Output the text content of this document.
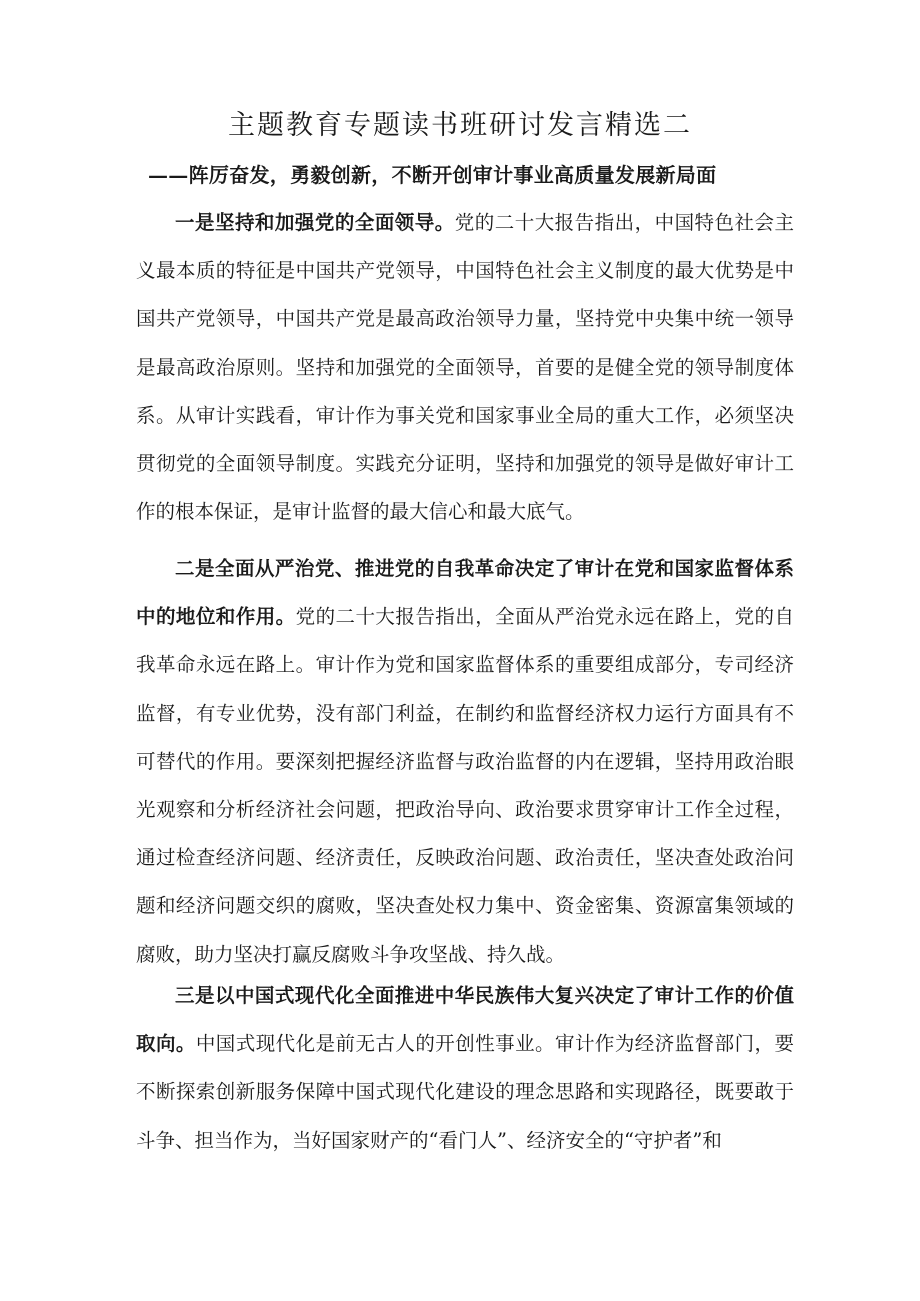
主题教育专题读书班研讨发言精选二

——阵厉奋发，勇毅创新，不断开创审计事业高质量发展新局面

一是坚持和加强党的全面领导。党的二十大报告指出，中国特色社会主义最本质的特征是中国共产党领导，中国特色社会主义制度的最大优势是中国共产党领导，中国共产党是最高政治领导力量，坚持党中央集中统一领导是最高政治原则。坚持和加强党的全面领导，首要的是健全党的领导制度体系。从审计实践看，审计作为事关党和国家事业全局的重大工作，必须坚决贯彻党的全面领导制度。实践充分证明，坚持和加强党的领导是做好审计工作的根本保证，是审计监督的最大信心和最大底气。

二是全面从严治党、推进党的自我革命决定了审计在党和国家监督体系中的地位和作用。党的二十大报告指出，全面从严治党永远在路上，党的自我革命永远在路上。审计作为党和国家监督体系的重要组成部分，专司经济监督，有专业优势，没有部门利益，在制约和监督经济权力运行方面具有不可替代的作用。要深刻把握经济监督与政治监督的内在逻辑，坚持用政治眼光观察和分析经济社会问题，把政治导向、政治要求贯穿审计工作全过程，通过检查经济问题、经济责任，反映政治问题、政治责任，坚决查处政治问题和经济问题交织的腐败，坚决查处权力集中、资金密集、资源富集领域的腐败，助力坚决打赢反腐败斗争攻坚战、持久战。

三是以中国式现代化全面推进中华民族伟大复兴决定了审计工作的价值取向。中国式现代化是前无古人的开创性事业。审计作为经济监督部门，要不断探索创新服务保障中国式现代化建设的理念思路和实现路径，既要敢于斗争、担当作为，当好国家财产的“看门人”、经济安全的“守护者”和
